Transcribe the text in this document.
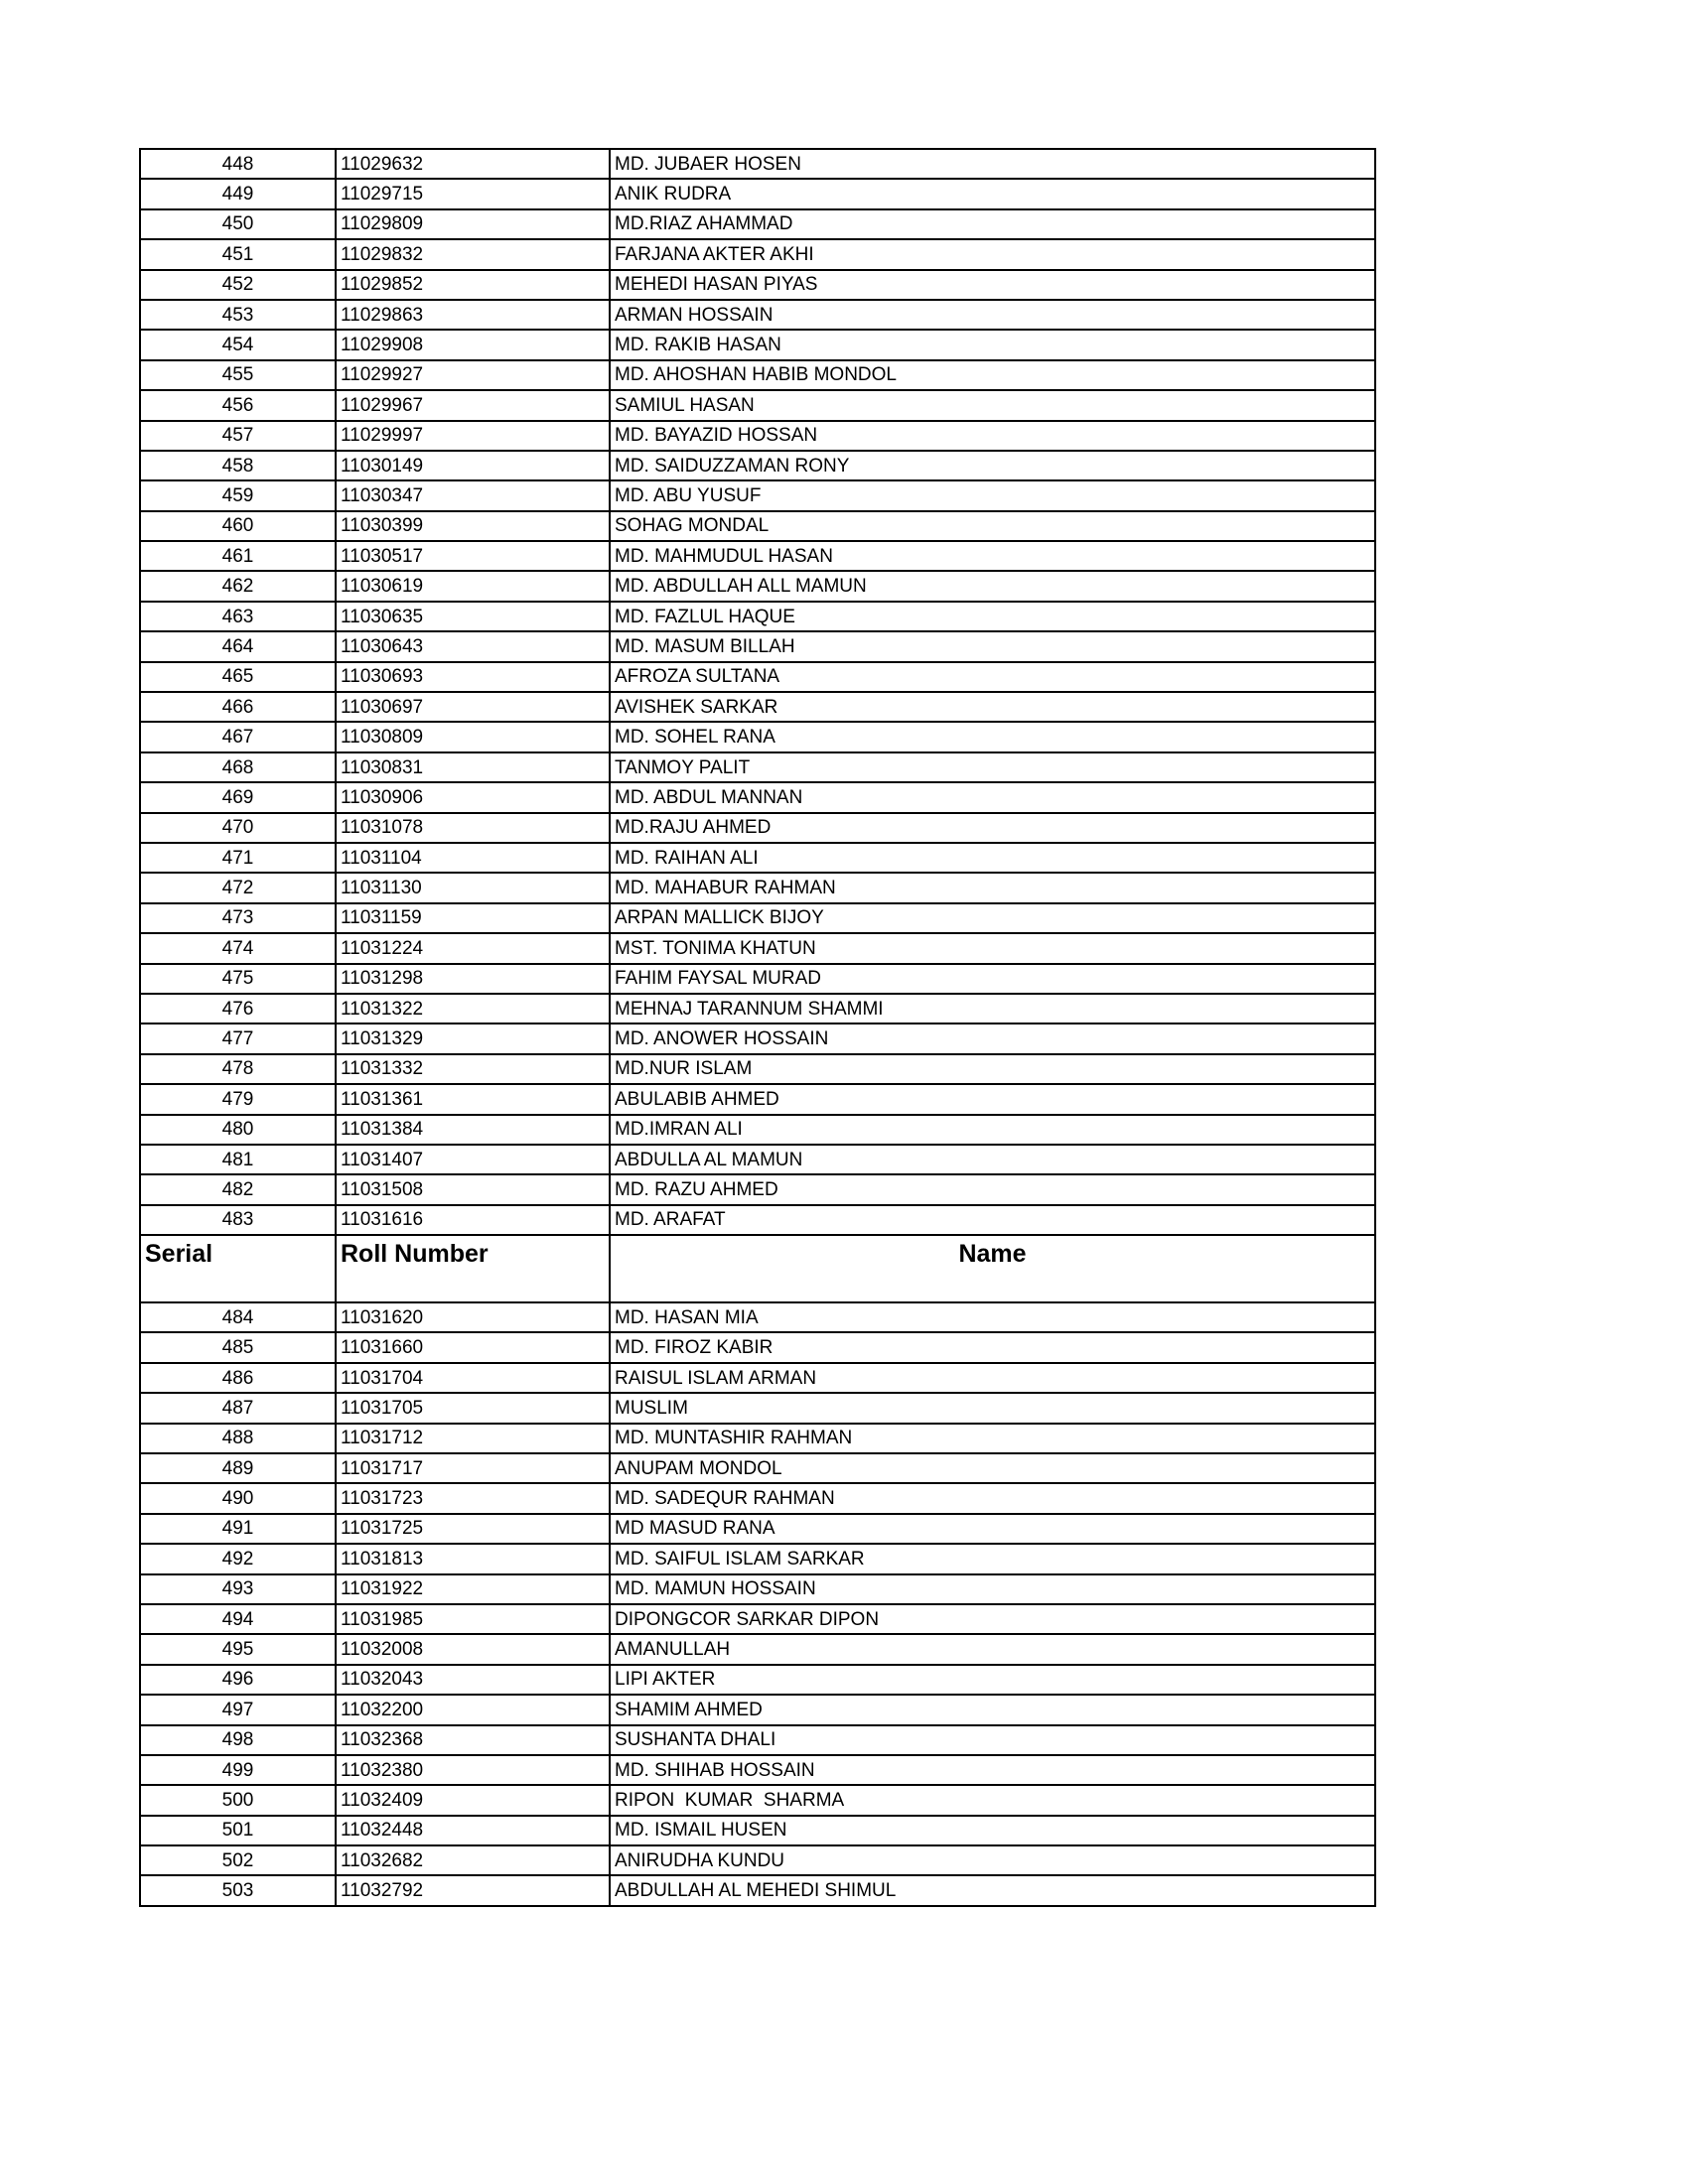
448	11029632	MD. JUBAER HOSEN
449	11029715	ANIK RUDRA
450	11029809	MD.RIAZ AHAMMAD
451	11029832	FARJANA AKTER AKHI
452	11029852	MEHEDI HASAN PIYAS
453	11029863	ARMAN HOSSAIN
454	11029908	MD. RAKIB HASAN
455	11029927	MD. AHOSHAN HABIB MONDOL
456	11029967	SAMIUL HASAN
457	11029997	MD. BAYAZID HOSSAN
458	11030149	MD. SAIDUZZAMAN RONY
459	11030347	MD. ABU YUSUF
460	11030399	SOHAG MONDAL
461	11030517	MD. MAHMUDUL HASAN
462	11030619	MD. ABDULLAH ALL MAMUN
463	11030635	MD. FAZLUL HAQUE
464	11030643	MD. MASUM BILLAH
465	11030693	AFROZA SULTANA
466	11030697	AVISHEK SARKAR
467	11030809	MD. SOHEL RANA
468	11030831	TANMOY PALIT
469	11030906	MD. ABDUL MANNAN
470	11031078	MD.RAJU AHMED
471	11031104	MD. RAIHAN ALI
472	11031130	MD. MAHABUR RAHMAN
473	11031159	ARPAN MALLICK BIJOY
474	11031224	MST. TONIMA KHATUN
475	11031298	FAHIM FAYSAL MURAD
476	11031322	MEHNAJ TARANNUM SHAMMI
477	11031329	MD. ANOWER HOSSAIN
478	11031332	MD.NUR ISLAM
479	11031361	ABULABIB AHMED
480	11031384	MD.IMRAN ALI
481	11031407	ABDULLA AL MAMUN
482	11031508	MD. RAZU AHMED
483	11031616	MD. ARAFAT
Serial	Roll Number	Name
484	11031620	MD. HASAN MIA
485	11031660	MD. FIROZ KABIR
486	11031704	RAISUL ISLAM ARMAN
487	11031705	MUSLIM
488	11031712	MD. MUNTASHIR RAHMAN
489	11031717	ANUPAM MONDOL
490	11031723	MD. SADEQUR RAHMAN
491	11031725	MD MASUD RANA
492	11031813	MD. SAIFUL ISLAM SARKAR
493	11031922	MD. MAMUN HOSSAIN
494	11031985	DIPONGCOR SARKAR DIPON
495	11032008	AMANULLAH
496	11032043	LIPI AKTER
497	11032200	SHAMIM AHMED
498	11032368	SUSHANTA DHALI
499	11032380	MD. SHIHAB HOSSAIN
500	11032409	RIPON  KUMAR  SHARMA
501	11032448	MD. ISMAIL HUSEN
502	11032682	ANIRUDHA KUNDU
503	11032792	ABDULLAH AL MEHEDI SHIMUL
